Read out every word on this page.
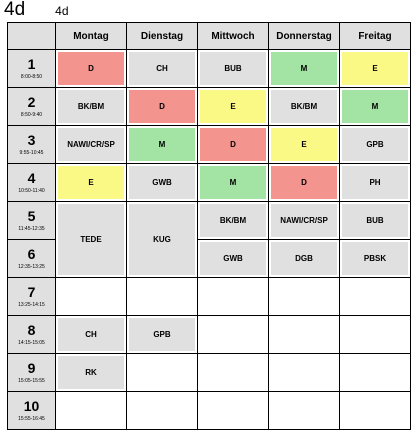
4d	4d
	Montag	Dienstag	Mittwoch	Donnerstag	Freitag

1
8:00-8:50	D	CH	BUB	M	E

2
8:50-9:40	BK/BM	D	E	BK/BM	M

3
9:55-10:45	NAWI/CR/SP	M	D	E	GPB

4
10:50-11:40	E	GWB	M	D	PH

5
11:45-12:35	TEDE	KUG	BK/BM	NAWI/CR/SP	BUB

6
12:35-13:25			GWB	DGB	PBSK

7
13:25-14:15					

8
14:15-15:05	CH	GPB			

9
15:05-15:55	RK				

10
15:55-16:45					
